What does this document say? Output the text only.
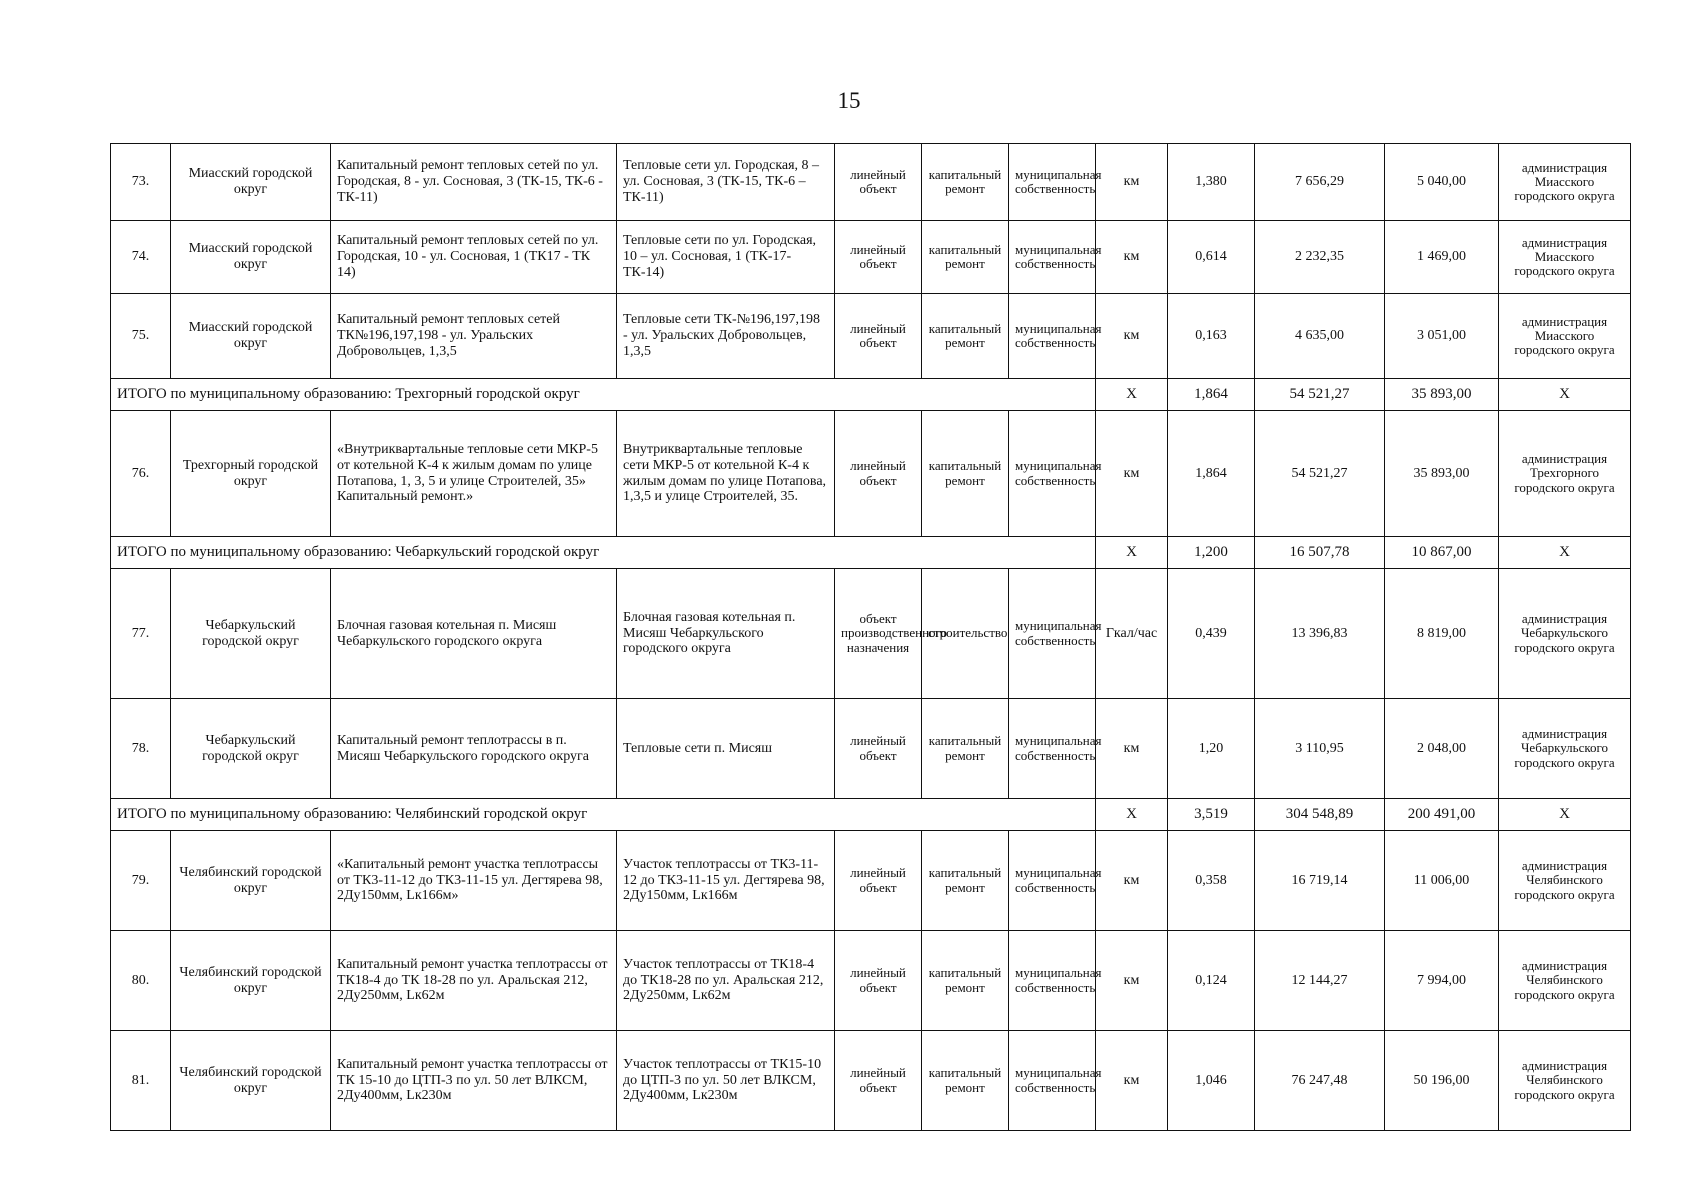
15
73.	Миасский городской округ	Капитальный ремонт тепловых сетей по ул. Городская, 8 - ул. Сосновая, 3 (ТК-15, ТК-6 - ТК-11)	Тепловые сети ул. Городская, 8 – ул. Сосновая, 3 (ТК-15, ТК-6 – ТК-11)	линейный объект	капитальный ремонт	муниципальная собственность	км	1,380	7 656,29	5 040,00	администрация Миасского городского округа
74.	Миасский городской округ	Капитальный ремонт тепловых сетей по ул. Городская, 10 - ул. Сосновая, 1 (ТК17 - ТК 14)	Тепловые сети по ул. Городская, 10 – ул. Сосновая, 1 (ТК-17-ТК-14)	линейный объект	капитальный ремонт	муниципальная собственность	км	0,614	2 232,35	1 469,00	администрация Миасского городского округа
75.	Миасский городской округ	Капитальный ремонт тепловых сетей ТК№196,197,198 - ул. Уральских Добровольцев, 1,3,5	Тепловые сети ТК-№196,197,198 - ул. Уральских Добровольцев, 1,3,5	линейный объект	капитальный ремонт	муниципальная собственность	км	0,163	4 635,00	3 051,00	администрация Миасского городского округа
ИТОГО по муниципальному образованию: Трехгорный городской округ							X	1,864	54 521,27	35 893,00	X
76.	Трехгорный городской округ	«Внутриквартальные тепловые сети МКР-5 от котельной К-4 к жилым домам по улице Потапова, 1, 3, 5 и улице Строителей, 35» Капитальный ремонт.»	Внутриквартальные тепловые сети МКР-5 от котельной К-4 к жилым домам по улице Потапова, 1,3,5 и улице Строителей, 35.	линейный объект	капитальный ремонт	муниципальная собственность	км	1,864	54 521,27	35 893,00	администрация Трехгорного городского округа
ИТОГО по муниципальному образованию: Чебаркульский городской округ							X	1,200	16 507,78	10 867,00	X
77.	Чебаркульский городской округ	Блочная газовая котельная п. Мисяш Чебаркульского городского округа	Блочная газовая котельная п. Мисяш Чебаркульского городского округа	объект производственного назначения	строительство	муниципальная собственность	Гкал/час	0,439	13 396,83	8 819,00	администрация Чебаркульского городского округа
78.	Чебаркульский городской округ	Капитальный ремонт теплотрассы в п. Мисяш Чебаркульского городского округа	Тепловые сети п. Мисяш	линейный объект	капитальный ремонт	муниципальная собственность	км	1,20	3 110,95	2 048,00	администрация Чебаркульского городского округа
ИТОГО по муниципальному образованию: Челябинский городской округ							X	3,519	304 548,89	200 491,00	X
79.	Челябинский городской округ	«Капитальный ремонт участка теплотрассы от ТК3-11-12 до ТК3-11-15 ул. Дегтярева 98, 2Ду150мм, Lк166м»	Участок теплотрассы от ТК3-11-12 до ТК3-11-15 ул. Дегтярева 98, 2Ду150мм, Lк166м	линейный объект	капитальный ремонт	муниципальная собственность	км	0,358	16 719,14	11 006,00	администрация Челябинского городского округа
80.	Челябинский городской округ	Капитальный ремонт участка теплотрассы от ТК18-4 до ТК 18-28 по ул. Аральская 212, 2Ду250мм, Lк62м	Участок теплотрассы от ТК18-4 до ТК18-28 по ул. Аральская 212, 2Ду250мм, Lк62м	линейный объект	капитальный ремонт	муниципальная собственность	км	0,124	12 144,27	7 994,00	администрация Челябинского городского округа
81.	Челябинский городской округ	Капитальный ремонт участка теплотрассы от ТК 15-10 до ЦТП-3 по ул. 50 лет ВЛКСМ, 2Ду400мм, Lк230м	Участок теплотрассы от ТК15-10 до ЦТП-3 по ул. 50 лет ВЛКСМ, 2Ду400мм, Lк230м	линейный объект	капитальный ремонт	муниципальная собственность	км	1,046	76 247,48	50 196,00	администрация Челябинского городского округа
